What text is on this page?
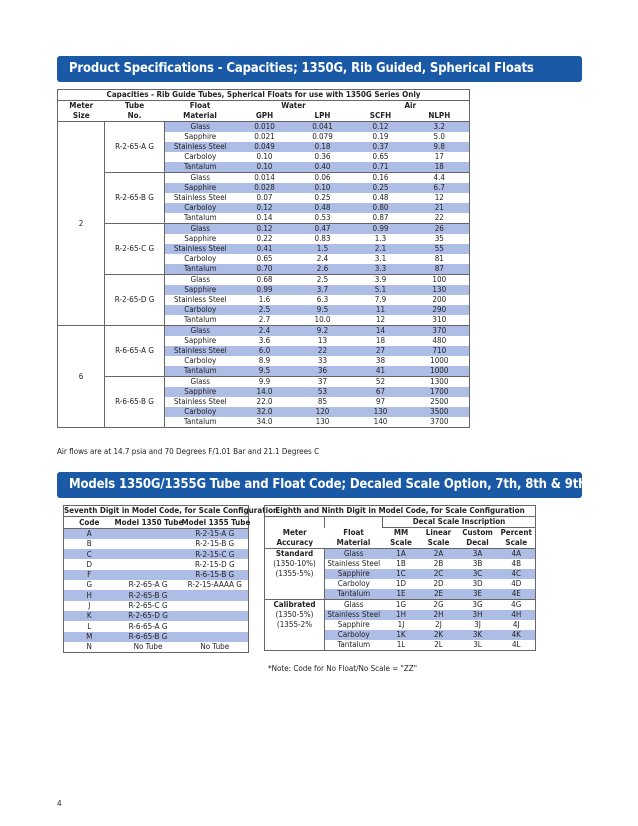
Product Specifications - Capacities; 1350G, Rib Guided, Spherical Floats
Capacities - Rib Guide Tubes, Spherical Floats for use with 1350G Series Only						
Meter	Tube	Float	Water		Air	
Size	No.	Material	GPH	LPH	SCFH	NLPH
2	R-2-65-A G	Glass	0.010	0.041	0.12	3.2
		Sapphire	0.021	0.079	0.19	5.0
		Stainless Steel	0.049	0.18	0.37	9.8
		Carboloy	0.10	0.36	0.65	17
		Tantalum	0.10	0.40	0.71	18
	R-2-65-B G	Glass	0.014	0.06	0.16	4.4
		Sapphire	0.028	0.10	0.25	6.7
		Stainless Steel	0.07	0.25	0.48	12
		Carboloy	0.12	0.48	0.80	21
		Tantalum	0.14	0.53	0.87	22
	R-2-65-C G	Glass	0.12	0.47	0.99	26
		Sapphire	0.22	0.83	1.3	35
		Stainless Steel	0.41	1.5	2.1	55
		Carboloy	0.65	2.4	3.1	81
		Tantalum	0.70	2.6	3.3	87
	R-2-65-D G	Glass	0.68	2.5	3.9	100
		Sapphire	0.99	3.7	5.1	130
		Stainless Steel	1.6	6.3	7.9	200
		Carboloy	2.5	9.5	11	290
		Tantalum	2.7	10.0	12	310
6	R-6-65-A G	Glass	2.4	9.2	14	370
		Sapphire	3.6	13	18	480
		Stainless Steel	6.0	22	27	710
		Carboloy	8.9	33	38	1000
		Tantalum	9.5	36	41	1000
	R-6-65-B G	Glass	9.9	37	52	1300
		Sapphire	14.0	53	67	1700
		Stainless Steel	22.0	85	97	2500
		Carboloy	32.0	120	130	3500
		Tantalum	34.0	130	140	3700
Air flows are at 14.7 psia and 70 Degrees F/1.01 Bar and 21.1 Degrees C
Models 1350G/1355G Tube and Float Code; Decaled Scale Option, 7th, 8th & 9th Digits
Seventh Digit in Model Code, for Scale Configuration		
Code	Model 1350 Tube	Model 1355 Tube
A		R-2-15-A G
B		R-2-15-B G
C		R-2-15-C G
D		R-2-15-D G
F		R-6-15-B G
G	R-2-65-A G	R-2-15-AAAA G
H	R-2-65-B G	
J	R-2-65-C G	
K	R-2-65-D G	
L	R-6-65-A G	
M	R-6-65-B G	
N	No Tube	No Tube
Eighth and Ninth Digit in Model Code, for Scale Configuration					
		Decal Scale Inscription			
Meter	Float	MM	Linear	Custom	Percent
Accuracy	Material	Scale	Scale	Decal	Scale
Standard	Glass	1A	2A	3A	4A
(1350-10%)	Stainless Steel	1B	2B	3B	4B
(1355-5%)	Sapphire	1C	2C	3C	4C
	Carboloy	1D	2D	3D	4D
	Tantalum	1E	2E	3E	4E
Calibrated	Glass	1G	2G	3G	4G
(1350-5%)	Stainless Steel	1H	2H	3H	4H
(1355-2%	Sapphire	1J	2J	3J	4J
	Carboloy	1K	2K	3K	4K
	Tantalum	1L	2L	3L	4L
*Note: Code for No Float/No Scale = "ZZ"
4
